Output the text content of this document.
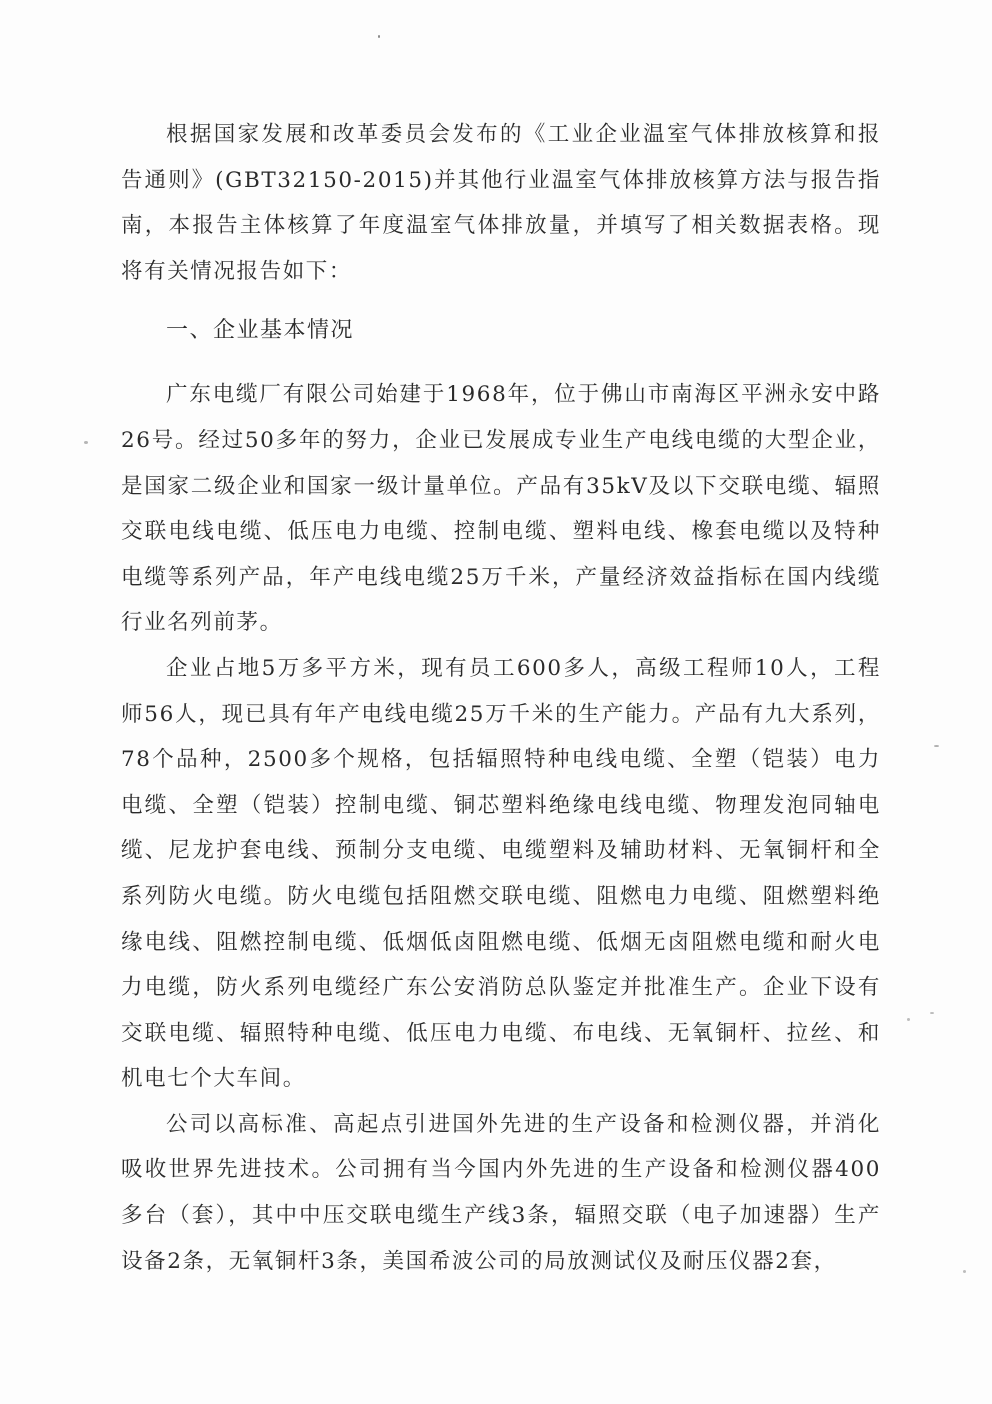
根据国家发展和改革委员会发布的《工业企业温室气体排放核算和报告通则》(GBT32150-2015)并其他行业温室气体排放核算方法与报告指南，本报告主体核算了年度温室气体排放量，并填写了相关数据表格。现将有关情况报告如下：

一、企业基本情况

广东电缆厂有限公司始建于1968年，位于佛山市南海区平洲永安中路26号。经过50多年的努力，企业已发展成专业生产电线电缆的大型企业，是国家二级企业和国家一级计量单位。产品有35kV及以下交联电缆、辐照交联电线电缆、低压电力电缆、控制电缆、塑料电线、橡套电缆以及特种电缆等系列产品，年产电线电缆25万千米，产量经济效益指标在国内线缆行业名列前茅。

企业占地5万多平方米，现有员工600多人，高级工程师10人，工程师56人，现已具有年产电线电缆25万千米的生产能力。产品有九大系列，78个品种，2500多个规格，包括辐照特种电线电缆、全塑（铠装）电力电缆、全塑（铠装）控制电缆、铜芯塑料绝缘电线电缆、物理发泡同轴电缆、尼龙护套电线、预制分支电缆、电缆塑料及辅助材料、无氧铜杆和全系列防火电缆。防火电缆包括阻燃交联电缆、阻燃电力电缆、阻燃塑料绝缘电线、阻燃控制电缆、低烟低卤阻燃电缆、低烟无卤阻燃电缆和耐火电力电缆，防火系列电缆经广东公安消防总队鉴定并批准生产。企业下设有交联电缆、辐照特种电缆、低压电力电缆、布电线、无氧铜杆、拉丝、和机电七个大车间。

公司以高标准、高起点引进国外先进的生产设备和检测仪器，并消化吸收世界先进技术。公司拥有当今国内外先进的生产设备和检测仪器400多台（套），其中中压交联电缆生产线3条，辐照交联（电子加速器）生产设备2条，无氧铜杆3条，美国希波公司的局放测试仪及耐压仪器2套，
